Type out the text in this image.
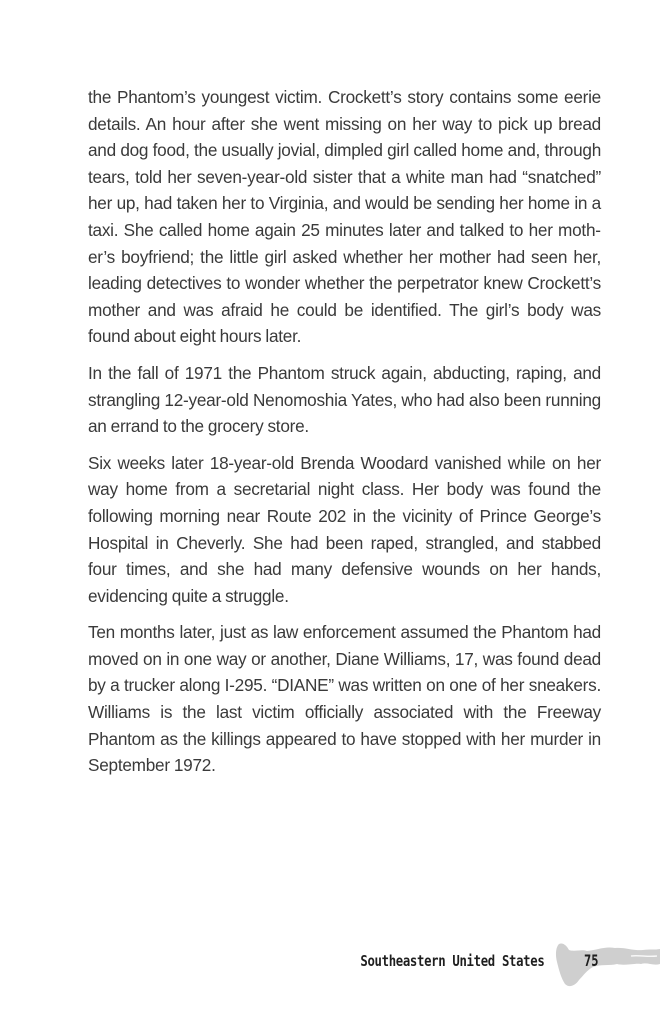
the Phantom’s youngest victim. Crockett’s story contains some eerie details. An hour after she went missing on her way to pick up bread and dog food, the usually jovial, dimpled girl called home and, through tears, told her seven-year-old sister that a white man had “snatched” her up, had taken her to Virginia, and would be sending her home in a taxi. She called home again 25 minutes later and talked to her mother’s boyfriend; the little girl asked whether her mother had seen her, leading detectives to wonder whether the perpetrator knew Crockett’s mother and was afraid he could be identified. The girl’s body was found about eight hours later.

In the fall of 1971 the Phantom struck again, abducting, raping, and strangling 12-year-old Nenomoshia Yates, who had also been running an errand to the grocery store.

Six weeks later 18-year-old Brenda Woodard vanished while on her way home from a secretarial night class. Her body was found the following morning near Route 202 in the vicinity of Prince George’s Hospital in Cheverly. She had been raped, strangled, and stabbed four times, and she had many defensive wounds on her hands, evidencing quite a struggle.

Ten months later, just as law enforcement assumed the Phantom had moved on in one way or another, Diane Williams, 17, was found dead by a trucker along I-295. “DIANE” was written on one of her sneakers. Williams is the last victim officially associated with the Freeway Phantom as the killings appeared to have stopped with her murder in September 1972.

Southeastern United States	75
